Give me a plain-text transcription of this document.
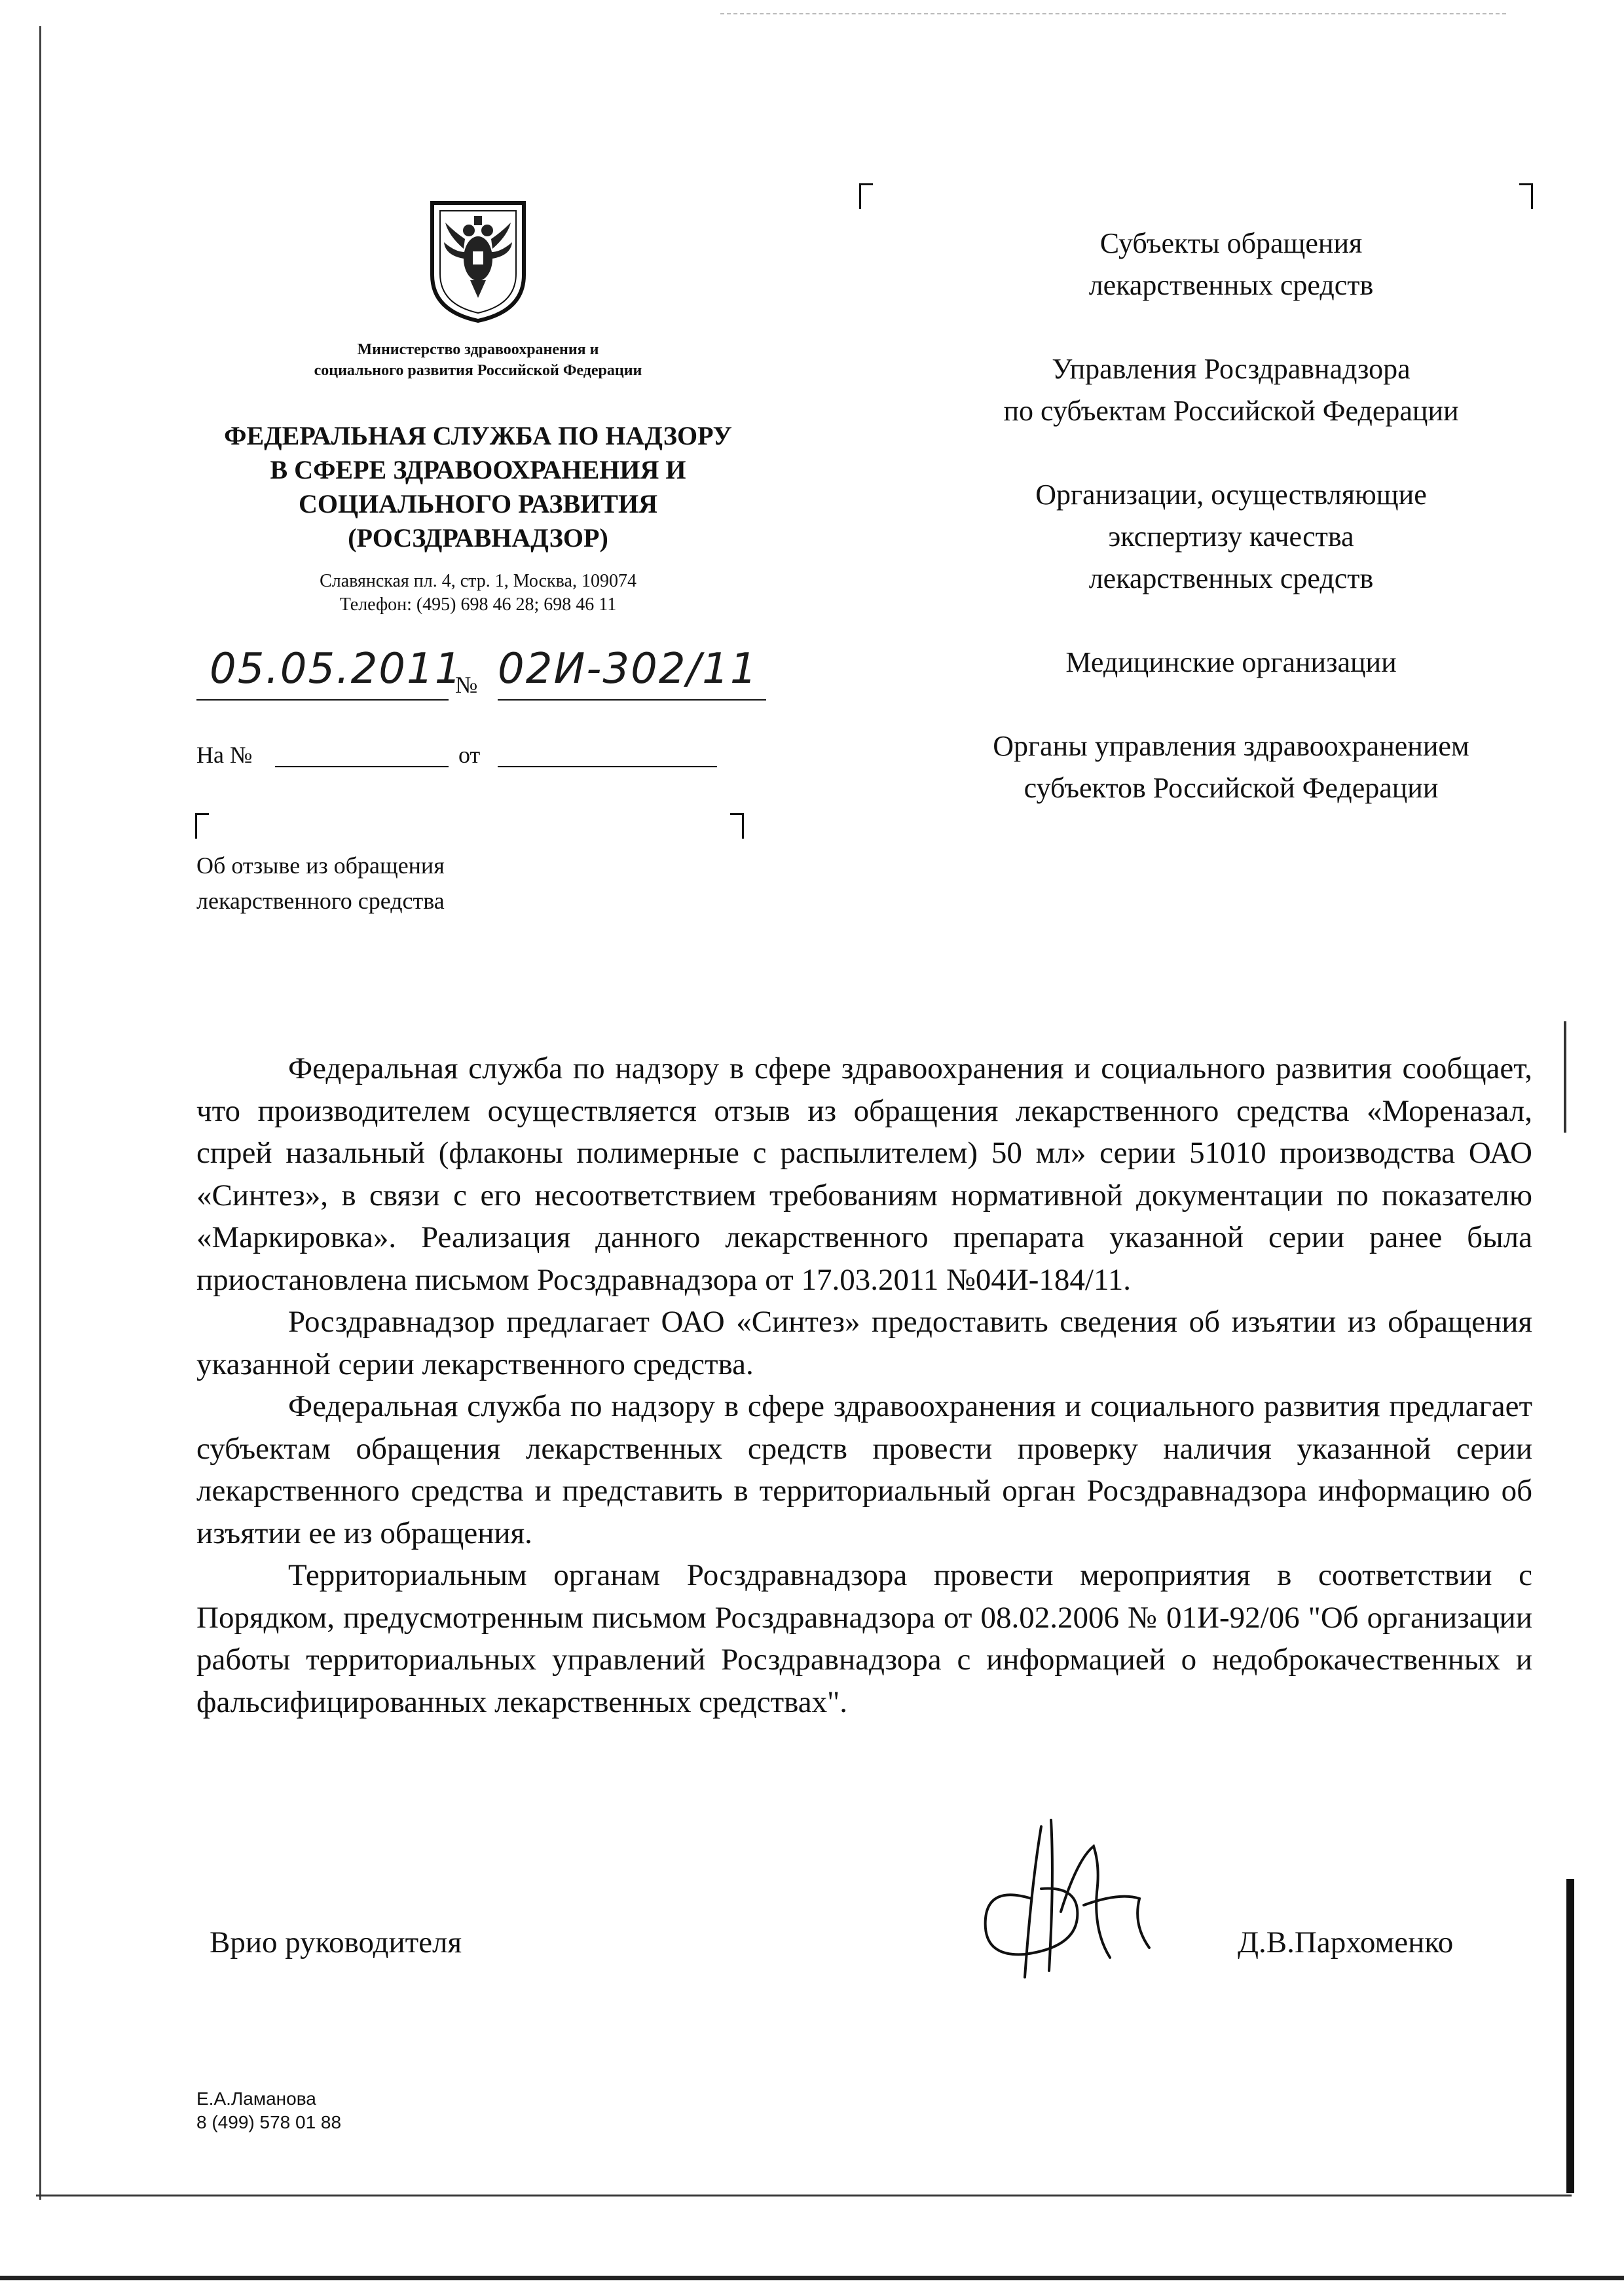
Министерство здравоохранения и
социального развития Российской Федерации
ФЕДЕРАЛЬНАЯ СЛУЖБА ПО НАДЗОРУ
В СФЕРЕ ЗДРАВООХРАНЕНИЯ И
СОЦИАЛЬНОГО РАЗВИТИЯ
(РОСЗДРАВНАДЗОР)
Славянская пл. 4, стр. 1, Москва, 109074
Телефон: (495) 698 46 28; 698 46 11
05.05.2011
№ 02И-302/11
На №	от
Об отзыве из обращения
лекарственного средства

Субъекты обращения
лекарственных средств

Управления Росздравнадзора
по субъектам Российской Федерации

Организации, осуществляющие
экспертизу качества
лекарственных средств

Медицинские организации

Органы управления здравоохранением
субъектов Российской Федерации

Федеральная служба по надзору в сфере здравоохранения и социального развития сообщает, что производителем осуществляется отзыв из обращения лекарственного средства «Мореназал, спрей назальный (флаконы полимерные с распылителем) 50 мл» серии 51010 производства ОАО «Синтез», в связи с его несоответствием требованиям нормативной документации по показателю «Маркировка». Реализация данного лекарственного препарата указанной серии ранее была приостановлена письмом Росздравнадзора от 17.03.2011 №04И-184/11.

Росздравнадзор предлагает ОАО «Синтез» предоставить сведения об изъятии из обращения указанной серии лекарственного средства.

Федеральная служба по надзору в сфере здравоохранения и социального развития предлагает субъектам обращения лекарственных средств провести проверку наличия указанной серии лекарственного средства и представить в территориальный орган Росздравнадзора информацию об изъятии ее из обращения.

Территориальным органам Росздравнадзора провести мероприятия в соответствии с Порядком, предусмотренным письмом Росздравнадзора от 08.02.2006 № 01И-92/06 "Об организации работы территориальных управлений Росздравнадзора с информацией о недоброкачественных и фальсифицированных лекарственных средствах".

Врио руководителя	Д.В.Пархоменко
Е.А.Ламанова
8 (499) 578 01 88
